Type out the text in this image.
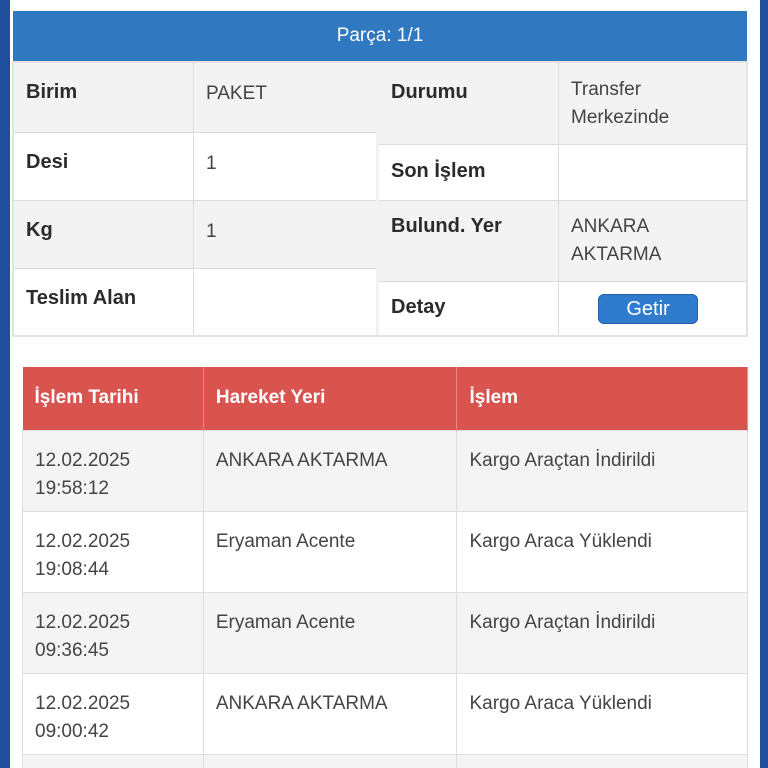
Parça: 1/1
Birim	PAKET
Desi	1
Kg	1
Teslim Alan
Durumu	Transfer Merkezinde
Son İşlem
Bulund. Yer	ANKARA AKTARMA
Detay	Getir
İşlem Tarihi	Hareket Yeri	İşlem

12.02.2025
19:58:12	ANKARA AKTARMA	Kargo Araçtan İndirildi

12.02.2025
19:08:44	Eryaman Acente	Kargo Araca Yüklendi

12.02.2025
09:36:45	Eryaman Acente	Kargo Araçtan İndirildi

12.02.2025
09:00:42	ANKARA AKTARMA	Kargo Araca Yüklendi
